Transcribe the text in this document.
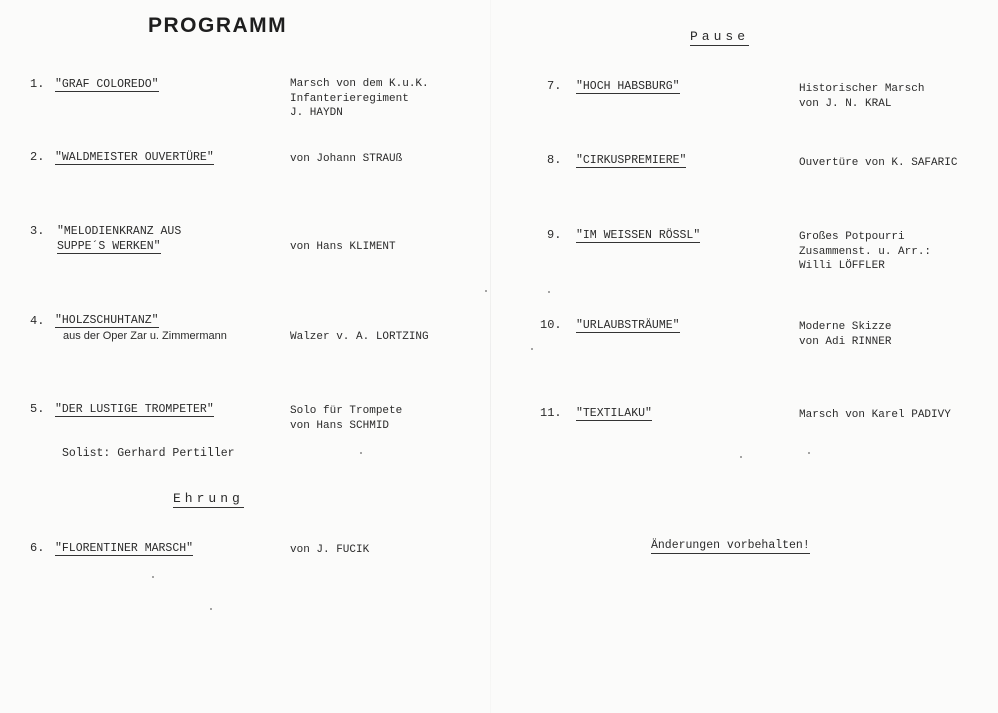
PROGRAMM	Pause
Ehrung
Solist: Gerhard Pertiller
Änderungen vorbehalten!
1. "GRAF COLOREDO"	Marsch von dem K.u.K.
Infanterieregiment
J. HAYDN
2. "WALDMEISTER OUVERTÜRE"	von Johann STRAUß
3. "MELODIENKRANZ AUS
SUPPE´S WERKEN"	von Hans KLIMENT
4. "HOLZSCHUHTANZ"
aus der Oper Zar u. Zimmermann	Walzer v. A. LORTZING
5. "DER LUSTIGE TROMPETER"	Solo für Trompete
von Hans SCHMID
6. "FLORENTINER MARSCH"	von J. FUCIK
7. "HOCH HABSBURG"	Historischer Marsch
von J. N. KRAL
8. "CIRKUSPREMIERE"	Ouvertüre von K. SAFARIC
9. "IM WEISSEN RÖSSL"	Großes Potpourri
Zusammenst. u. Arr.:
Willi LÖFFLER
10. "URLAUBSTRÄUME"	Moderne Skizze
von Adi RINNER
11. "TEXTILAKU"	Marsch von Karel PADIVY
